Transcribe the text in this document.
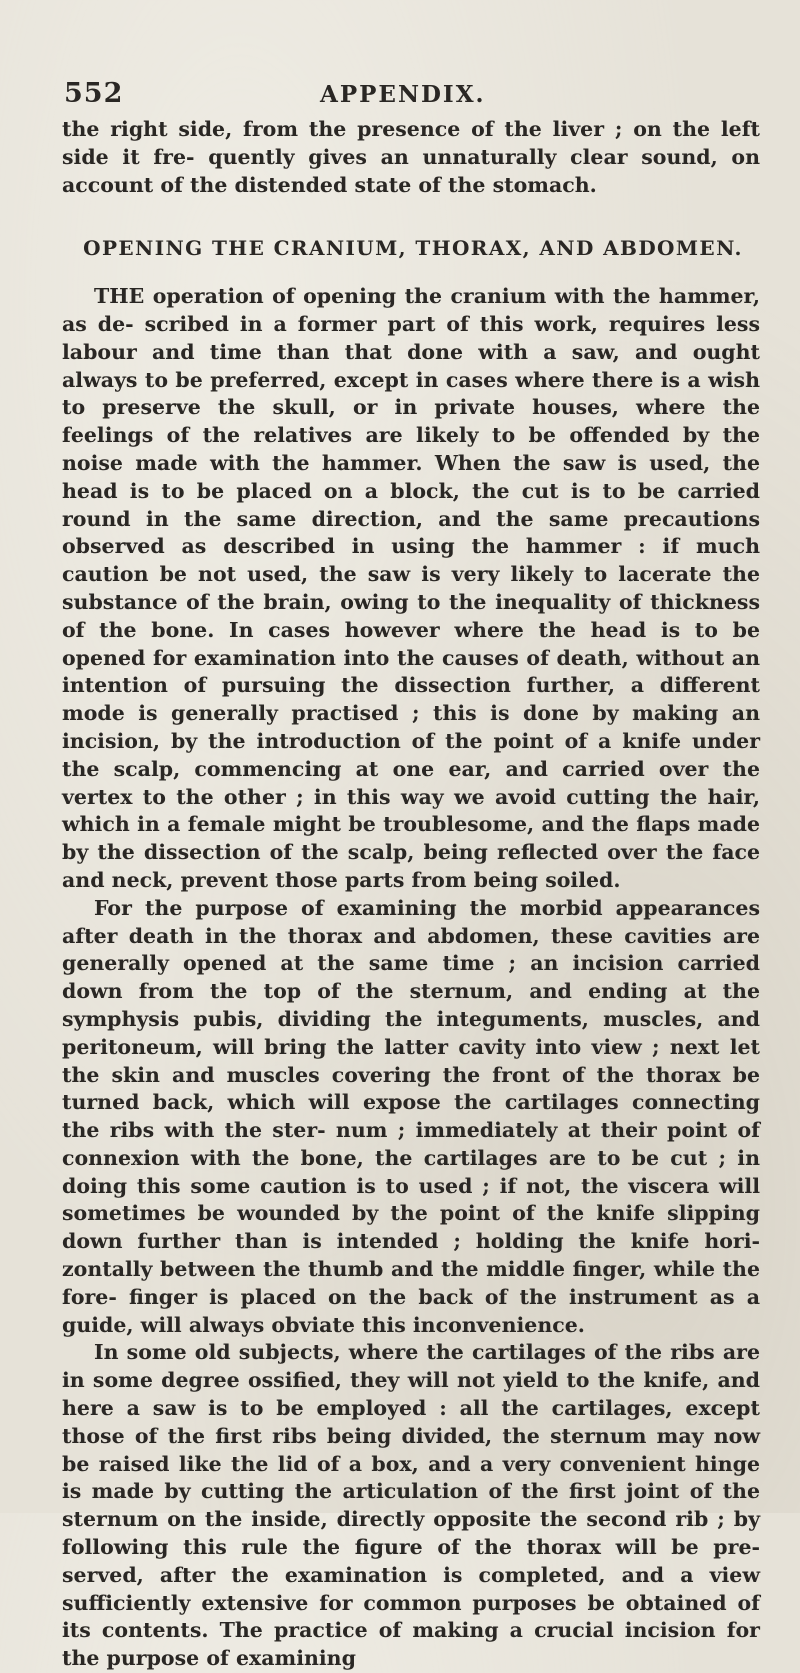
552	APPENDIX.

the right side, from the presence of the liver ; on the left side it fre- quently gives an unnaturally clear sound, on account of the distended state of the stomach.

OPENING THE CRANIUM, THORAX, AND ABDOMEN.

THE operation of opening the cranium with the hammer, as de- scribed in a former part of this work, requires less labour and time than that done with a saw, and ought always to be preferred, except in cases where there is a wish to preserve the skull, or in private houses, where the feelings of the relatives are likely to be offended by the noise made with the hammer. When the saw is used, the head is to be placed on a block, the cut is to be carried round in the same direction, and the same precautions observed as described in using the hammer : if much caution be not used, the saw is very likely to lacerate the substance of the brain, owing to the inequality of thickness of the bone. In cases however where the head is to be opened for examination into the causes of death, without an intention of pursuing the dissection further, a different mode is generally practised ; this is done by making an incision, by the introduction of the point of a knife under the scalp, commencing at one ear, and carried over the vertex to the other ; in this way we avoid cutting the hair, which in a female might be troublesome, and the flaps made by the dissection of the scalp, being reflected over the face and neck, prevent those parts from being soiled.

For the purpose of examining the morbid appearances after death in the thorax and abdomen, these cavities are generally opened at the same time ; an incision carried down from the top of the sternum, and ending at the symphysis pubis, dividing the integuments, muscles, and peritoneum, will bring the latter cavity into view ; next let the skin and muscles covering the front of the thorax be turned back, which will expose the cartilages connecting the ribs with the ster- num ; immediately at their point of connexion with the bone, the cartilages are to be cut ; in doing this some caution is to used ; if not, the viscera will sometimes be wounded by the point of the knife slipping down further than is intended ; holding the knife hori- zontally between the thumb and the middle finger, while the fore- finger is placed on the back of the instrument as a guide, will always obviate this inconvenience.

In some old subjects, where the cartilages of the ribs are in some degree ossified, they will not yield to the knife, and here a saw is to be employed : all the cartilages, except those of the first ribs being divided, the sternum may now be raised like the lid of a box, and a very convenient hinge is made by cutting the articulation of the first joint of the sternum on the inside, directly opposite the second rib ; by following this rule the figure of the thorax will be pre- served, after the examination is completed, and a view sufficiently extensive for common purposes be obtained of its contents. The practice of making a crucial incision for the purpose of examining
